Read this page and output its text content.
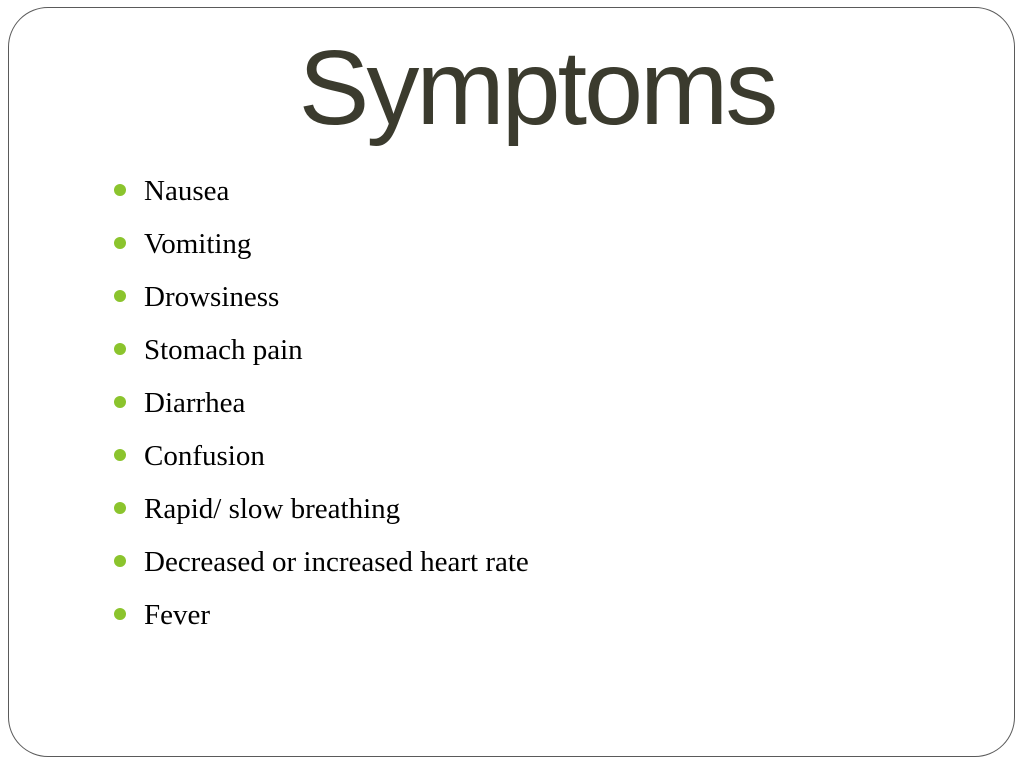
Symptoms
Nausea
Vomiting
Drowsiness
Stomach pain
Diarrhea
Confusion
Rapid/ slow breathing
Decreased or increased heart rate
Fever
